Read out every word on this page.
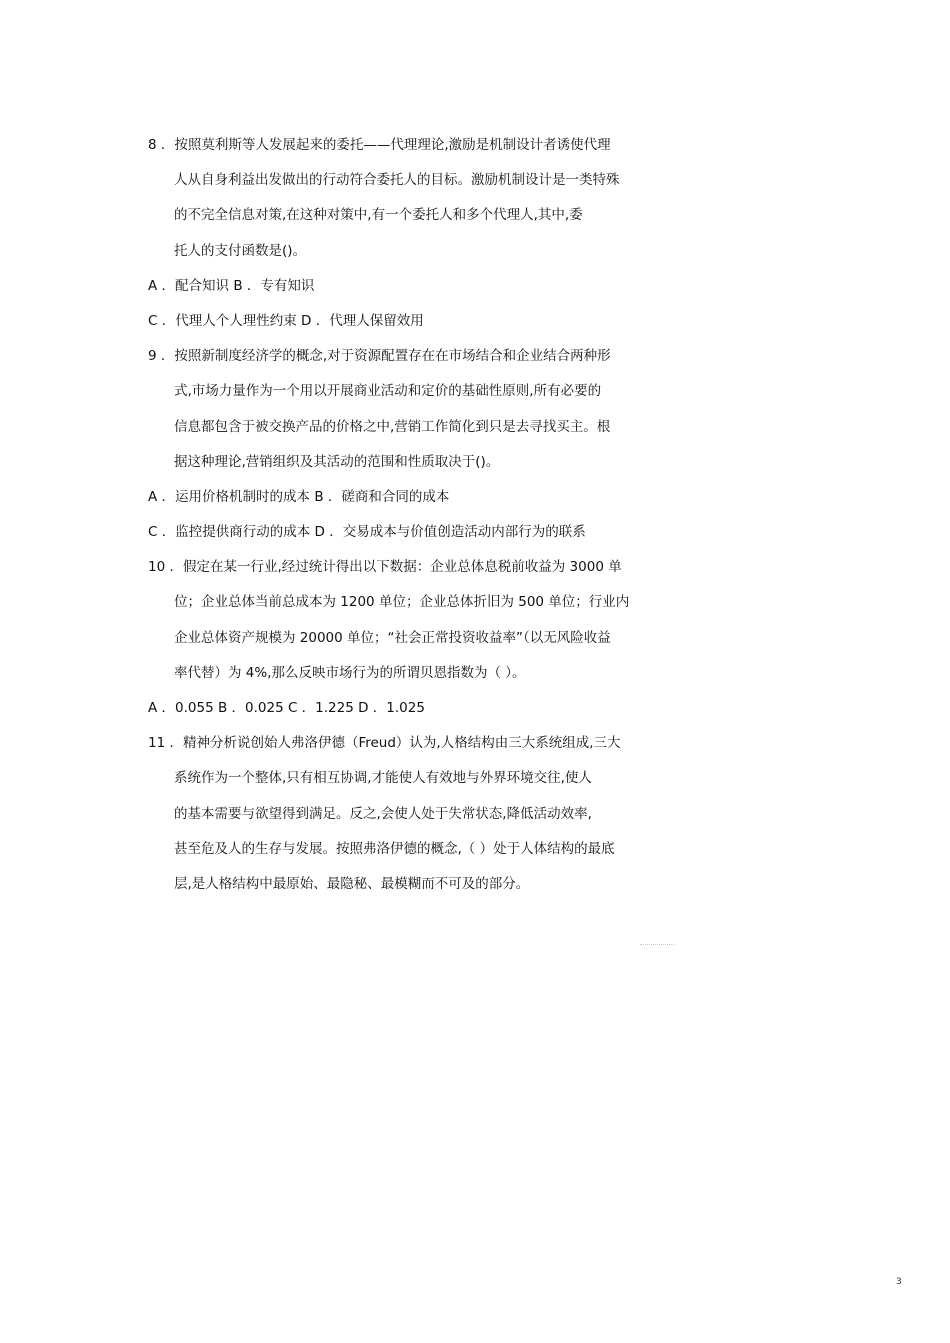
8 ．按照莫利斯等人发展起来的委托——代理理论,激励是机制设计者诱使代理
人从自身利益出发做出的行动符合委托人的目标。激励机制设计是一类特殊
的不完全信息对策,在这种对策中,有一个委托人和多个代理人,其中,委
托人的支付函数是()。
A ．配合知识 B ．专有知识
C ．代理人个人理性约束 D ．代理人保留效用
9 ．按照新制度经济学的概念,对于资源配置存在在市场结合和企业结合两种形
式,市场力量作为一个用以开展商业活动和定价的基础性原则,所有必要的
信息都包含于被交换产品的价格之中,营销工作简化到只是去寻找买主。根
据这种理论,营销组织及其活动的范围和性质取决于()。
A ．运用价格机制时的成本 B ．磋商和合同的成本
C ．监控提供商行动的成本 D ．交易成本与价值创造活动内部行为的联系
10 ．假定在某一行业,经过统计得出以下数据：企业总体息税前收益为 3000 单
位；企业总体当前总成本为 1200 单位；企业总体折旧为 500 单位；行业内
企业总体资产规模为 20000 单位；“社会正常投资收益率”（以无风险收益
率代替）为 4%,那么反映市场行为的所谓贝恩指数为（ ）。
A ．0.055 B ．0.025 C ．1.225 D ．1.025
11 ．精神分析说创始人弗洛伊德（Freud）认为,人格结构由三大系统组成,三大
系统作为一个整体,只有相互协调,才能使人有效地与外界环境交往,使人
的基本需要与欲望得到满足。反之,会使人处于失常状态,降低活动效率,
甚至危及人的生存与发展。按照弗洛伊德的概念,（ ）处于人体结构的最底
层,是人格结构中最原始、最隐秘、最模糊而不可及的部分。
3
